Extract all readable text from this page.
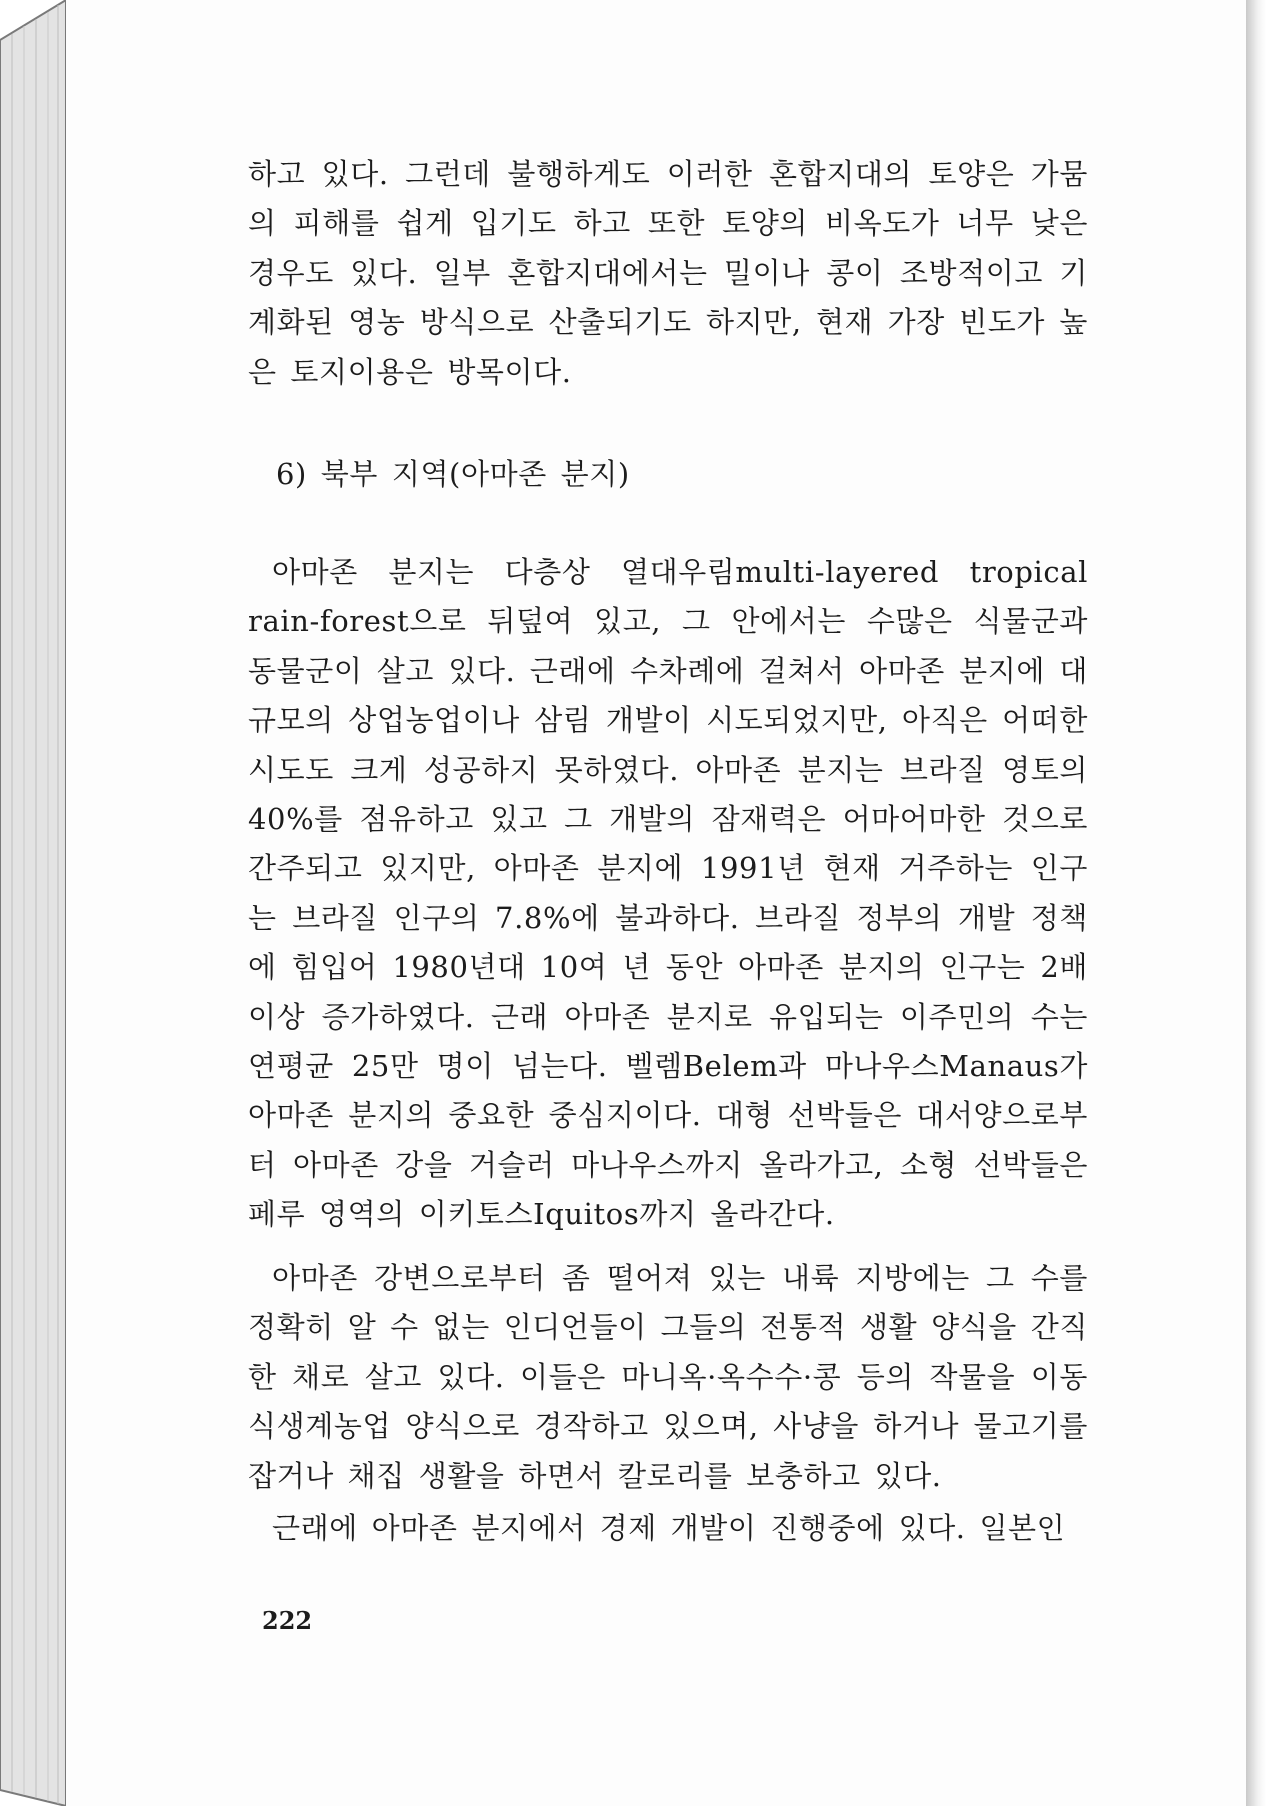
하고 있다. 그런데 불행하게도 이러한 혼합지대의 토양은 가뭄의 피해를 쉽게 입기도 하고 또한 토양의 비옥도가 너무 낮은 경우도 있다. 일부 혼합지대에서는 밀이나 콩이 조방적이고 기계화된 영농 방식으로 산출되기도 하지만, 현재 가장 빈도가 높은 토지이용은 방목이다.

6) 북부 지역(아마존 분지)

아마존 분지는 다층상 열대우림multi-layered tropical rain-forest으로 뒤덮여 있고, 그 안에서는 수많은 식물군과 동물군이 살고 있다. 근래에 수차례에 걸쳐서 아마존 분지에 대규모의 상업농업이나 삼림 개발이 시도되었지만, 아직은 어떠한 시도도 크게 성공하지 못하였다. 아마존 분지는 브라질 영토의 40%를 점유하고 있고 그 개발의 잠재력은 어마어마한 것으로 간주되고 있지만, 아마존 분지에 1991년 현재 거주하는 인구는 브라질 인구의 7.8%에 불과하다. 브라질 정부의 개발 정책에 힘입어 1980년대 10여 년 동안 아마존 분지의 인구는 2배 이상 증가하였다. 근래 아마존 분지로 유입되는 이주민의 수는 연평균 25만 명이 넘는다. 벨렘Belem과 마나우스Manaus가 아마존 분지의 중요한 중심지이다. 대형 선박들은 대서양으로부터 아마존 강을 거슬러 마나우스까지 올라가고, 소형 선박들은 페루 영역의 이키토스Iquitos까지 올라간다.

아마존 강변으로부터 좀 떨어져 있는 내륙 지방에는 그 수를 정확히 알 수 없는 인디언들이 그들의 전통적 생활 양식을 간직한 채로 살고 있다. 이들은 마니옥·옥수수·콩 등의 작물을 이동식생계농업 양식으로 경작하고 있으며, 사냥을 하거나 물고기를 잡거나 채집 생활을 하면서 칼로리를 보충하고 있다.

근래에 아마존 분지에서 경제 개발이 진행중에 있다. 일본인

222
